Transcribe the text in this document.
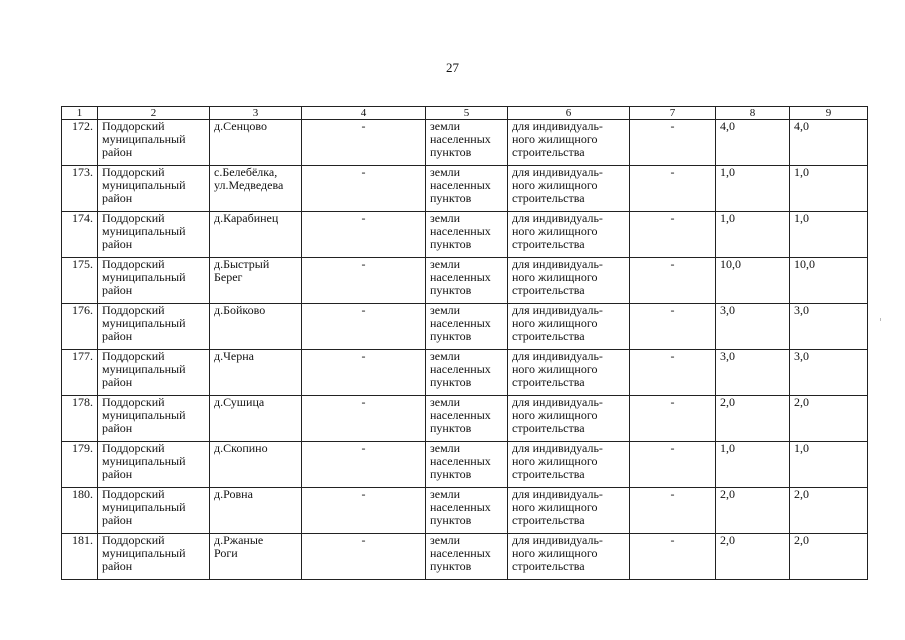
27
1	2	3	4	5	6	7	8	9
172.	Поддорский
муниципальный
район	д.Сенцово	-	земли
населенных
пунктов	для индивидуаль-
ного жилищного
строительства	-	4,0	4,0
173.	Поддорский
муниципальный
район	с.Белебёлка,
ул.Медведева	-	земли
населенных
пунктов	для индивидуаль-
ного жилищного
строительства	-	1,0	1,0
174.	Поддорский
муниципальный
район	д.Карабинец	-	земли
населенных
пунктов	для индивидуаль-
ного жилищного
строительства	-	1,0	1,0
175.	Поддорский
муниципальный
район	д.Быстрый
Берег	-	земли
населенных
пунктов	для индивидуаль-
ного жилищного
строительства	-	10,0	10,0
176.	Поддорский
муниципальный
район	д.Бойково	-	земли
населенных
пунктов	для индивидуаль-
ного жилищного
строительства	-	3,0	3,0
177.	Поддорский
муниципальный
район	д.Черна	-	земли
населенных
пунктов	для индивидуаль-
ного жилищного
строительства	-	3,0	3,0
178.	Поддорский
муниципальный
район	д.Сушица	-	земли
населенных
пунктов	для индивидуаль-
ного жилищного
строительства	-	2,0	2,0
179.	Поддорский
муниципальный
район	д.Скопино	-	земли
населенных
пунктов	для индивидуаль-
ного жилищного
строительства	-	1,0	1,0
180.	Поддорский
муниципальный
район	д.Ровна	-	земли
населенных
пунктов	для индивидуаль-
ного жилищного
строительства	-	2,0	2,0
181.	Поддорский
муниципальный
район	д.Ржаные
Роги	-	земли
населенных
пунктов	для индивидуаль-
ного жилищного
строительства	-	2,0	2,0
